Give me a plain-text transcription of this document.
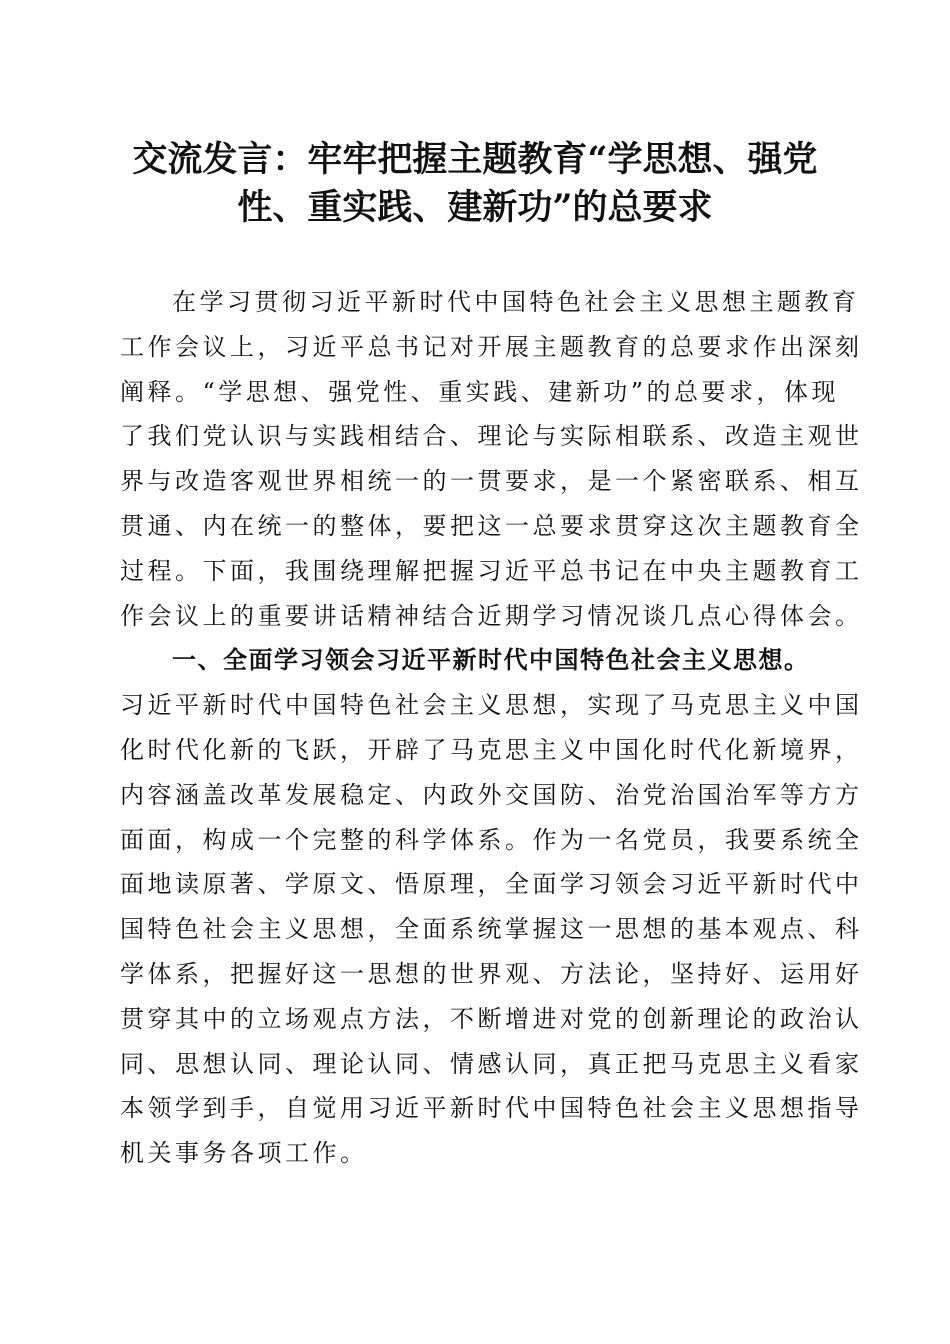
交流发言：牢牢把握主题教育“学思想、强党
性、重实践、建新功”的总要求
在学习贯彻习近平新时代中国特色社会主义思想主题教育
工作会议上，习近平总书记对开展主题教育的总要求作出深刻
阐释。“学思想、强党性、重实践、建新功”的总要求，体现
了我们党认识与实践相结合、理论与实际相联系、改造主观世
界与改造客观世界相统一的一贯要求，是一个紧密联系、相互
贯通、内在统一的整体，要把这一总要求贯穿这次主题教育全
过程。下面，我围绕理解把握习近平总书记在中央主题教育工
作会议上的重要讲话精神结合近期学习情况谈几点心得体会。
一、全面学习领会习近平新时代中国特色社会主义思想。
习近平新时代中国特色社会主义思想，实现了马克思主义中国
化时代化新的飞跃，开辟了马克思主义中国化时代化新境界，
内容涵盖改革发展稳定、内政外交国防、治党治国治军等方方
面面，构成一个完整的科学体系。作为一名党员，我要系统全
面地读原著、学原文、悟原理，全面学习领会习近平新时代中
国特色社会主义思想，全面系统掌握这一思想的基本观点、科
学体系，把握好这一思想的世界观、方法论，坚持好、运用好
贯穿其中的立场观点方法，不断增进对党的创新理论的政治认
同、思想认同、理论认同、情感认同，真正把马克思主义看家
本领学到手，自觉用习近平新时代中国特色社会主义思想指导
机关事务各项工作。
